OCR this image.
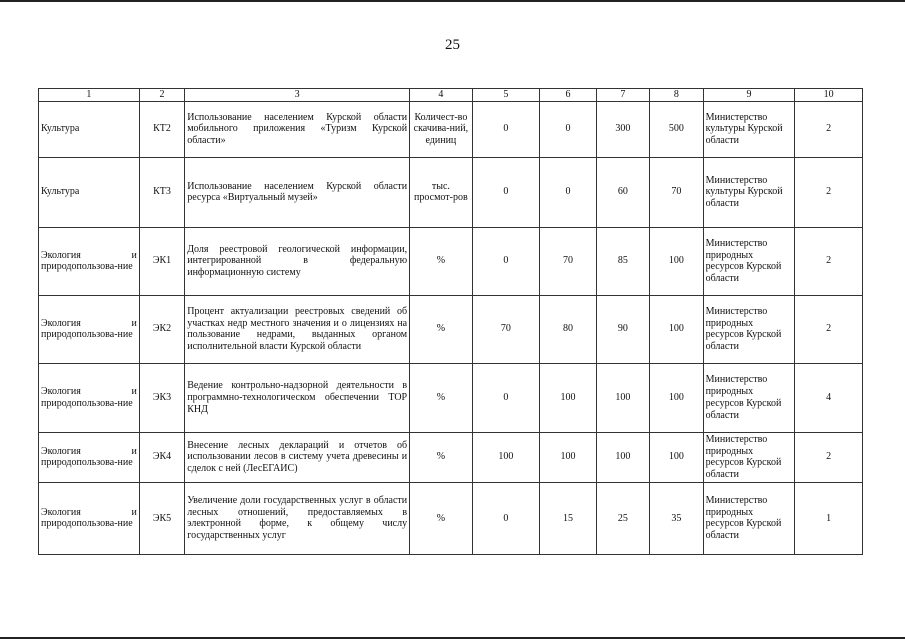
25
1	2	3	4	5	6	7	8	9	10
Культура	КТ2	Использование населением Курской области мобильного приложения «Туризм Курской области»	Количест-во скачива-ний, единиц	0	0	300	500	Министерство культуры Курской области	2
Культура	КТ3	Использование населением Курской области ресурса «Виртуальный музей»	тыс. просмот-ров	0	0	60	70	Министерство культуры Курской области	2
Экология и природопользова-ние	ЭК1	Доля реестровой геологической информации, интегрированной в федеральную информационную систему	%	0	70	85	100	Министерство природных ресурсов Курской области	2
Экология и природопользова-ние	ЭК2	Процент актуализации реестровых сведений об участках недр местного значения и о лицензиях на пользование недрами, выданных органом исполнительной власти Курской области	%	70	80	90	100	Министерство природных ресурсов Курской области	2
Экология и природопользова-ние	ЭК3	Ведение контрольно-надзорной деятельности в программно-технологическом обеспечении ТОР КНД	%	0	100	100	100	Министерство природных ресурсов Курской области	4
Экология и природопользова-ние	ЭК4	Внесение лесных деклараций и отчетов об использовании лесов в систему учета древесины и сделок с ней (ЛесЕГАИС)	%	100	100	100	100	Министерство природных ресурсов Курской области	2
Экология и природопользова-ние	ЭК5	Увеличение доли государственных услуг в области лесных отношений, предоставляемых в электронной форме, к общему числу государственных услуг	%	0	15	25	35	Министерство природных ресурсов Курской области	1
